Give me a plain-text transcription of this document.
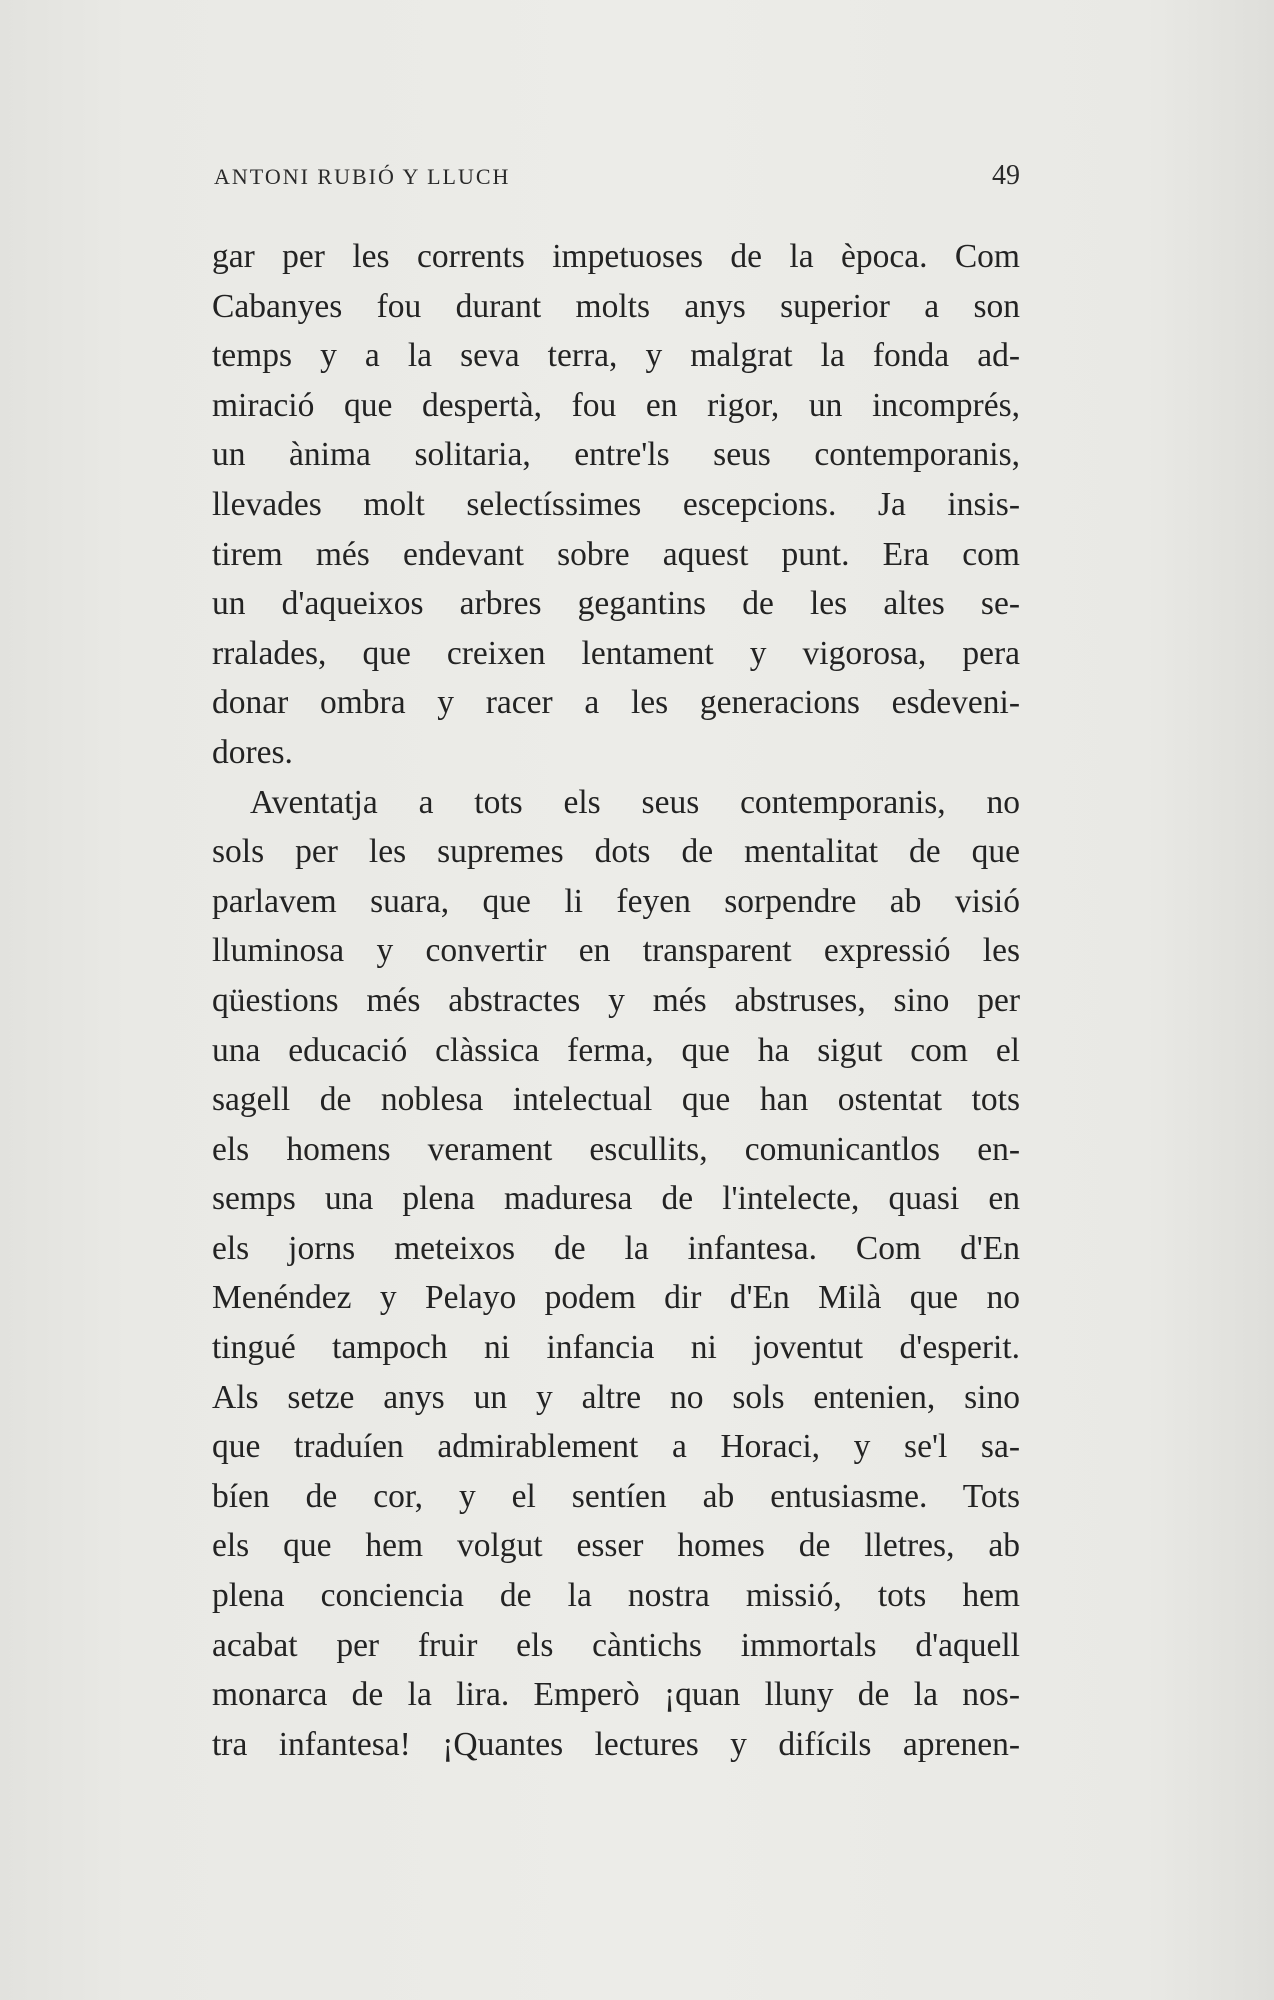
ANTONI RUBIÓ Y LLUCH	49
gar per les corrents impetuoses de la època. Com
Cabanyes fou durant molts anys superior a son
temps y a la seva terra, y malgrat la fonda ad-
miració que despertà, fou en rigor, un incomprés,
un ànima solitaria, entre'ls seus contemporanis,
llevades molt selectíssimes escepcions. Ja insis-
tirem més endevant sobre aquest punt. Era com
un d'aqueixos arbres gegantins de les altes se-
rralades, que creixen lentament y vigorosa, pera
donar ombra y racer a les generacions esdeveni-
dores.
Aventatja a tots els seus contemporanis, no
sols per les supremes dots de mentalitat de que
parlavem suara, que li feyen sorpendre ab visió
lluminosa y convertir en transparent expressió les
qüestions més abstractes y més abstruses, sino per
una educació clàssica ferma, que ha sigut com el
sagell de noblesa intelectual que han ostentat tots
els homens verament escullits, comunicantlos en-
semps una plena maduresa de l'intelecte, quasi en
els jorns meteixos de la infantesa. Com d'En
Menéndez y Pelayo podem dir d'En Milà que no
tingué tampoch ni infancia ni joventut d'esperit.
Als setze anys un y altre no sols entenien, sino
que traduíen admirablement a Horaci, y se'l sa-
bíen de cor, y el sentíen ab entusiasme. Tots
els que hem volgut esser homes de lletres, ab
plena conciencia de la nostra missió, tots hem
acabat per fruir els càntichs immortals d'aquell
monarca de la lira. Emperò ¡quan lluny de la nos-
tra infantesa! ¡Quantes lectures y difícils aprenen-
